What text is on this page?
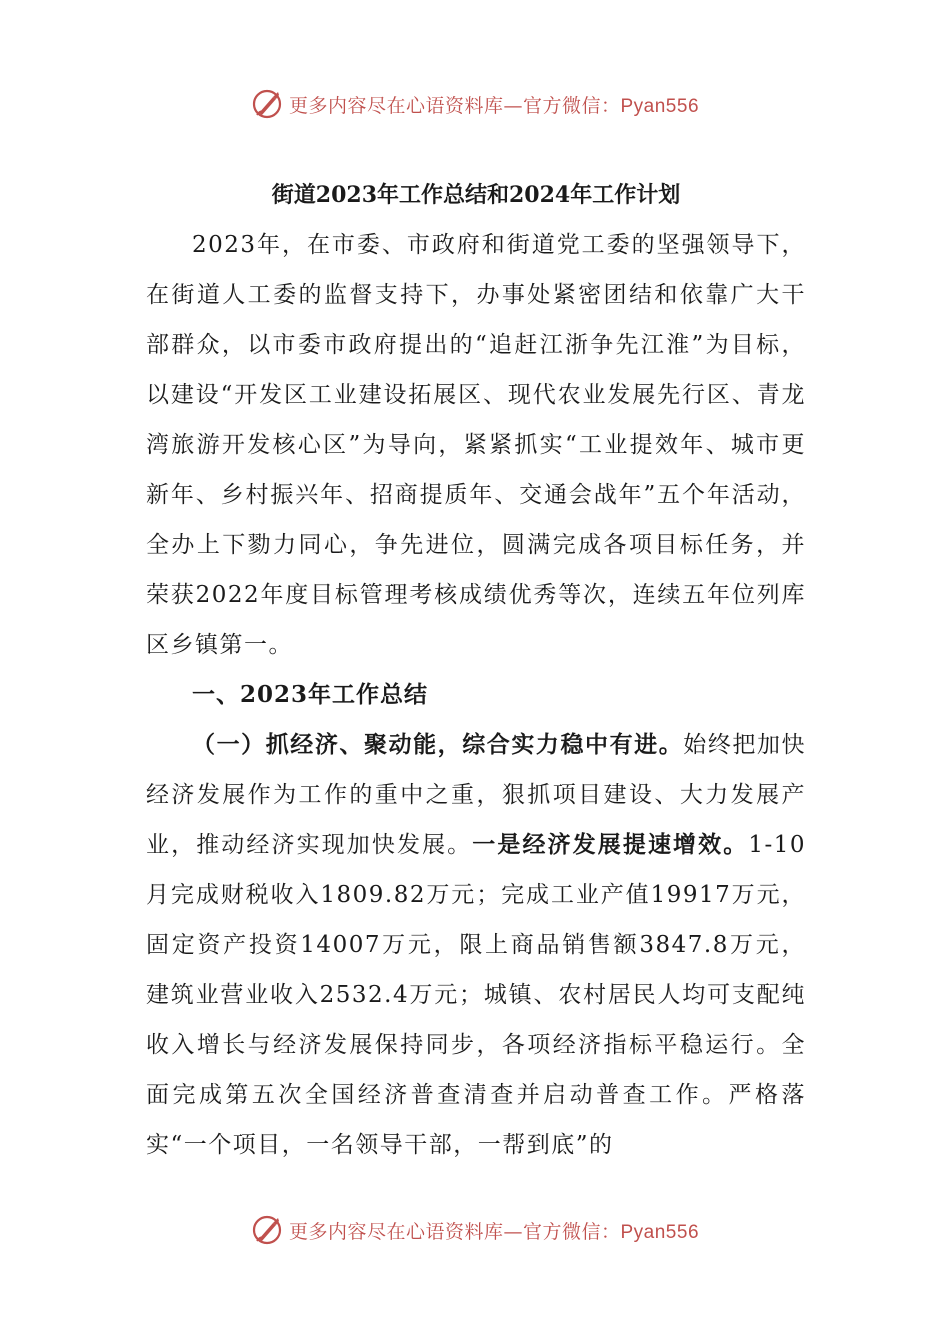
更多内容尽在心语资料库—官方微信：Pyan556
街道2023年工作总结和2024年工作计划

2023年，在市委、市政府和街道党工委的坚强领导下，在街道人工委的监督支持下，办事处紧密团结和依靠广大干部群众，以市委市政府提出的“追赶江浙争先江淮”为目标，以建设“开发区工业建设拓展区、现代农业发展先行区、青龙湾旅游开发核心区”为导向，紧紧抓实“工业提效年、城市更新年、乡村振兴年、招商提质年、交通会战年”五个年活动，全办上下勠力同心，争先进位，圆满完成各项目标任务，并荣获2022年度目标管理考核成绩优秀等次，连续五年位列库区乡镇第一。

一、2023年工作总结

（一）抓经济、聚动能，综合实力稳中有进。始终把加快经济发展作为工作的重中之重，狠抓项目建设、大力发展产业，推动经济实现加快发展。一是经济发展提速增效。1-10月完成财税收入1809.82万元；完成工业产值19917万元，固定资产投资14007万元，限上商品销售额3847.8万元，建筑业营业收入2532.4万元；城镇、农村居民人均可支配纯收入增长与经济发展保持同步，各项经济指标平稳运行。全面完成第五次全国经济普查清查并启动普查工作。严格落实“一个项目，一名领导干部，一帮到底”的

更多内容尽在心语资料库—官方微信：Pyan556
